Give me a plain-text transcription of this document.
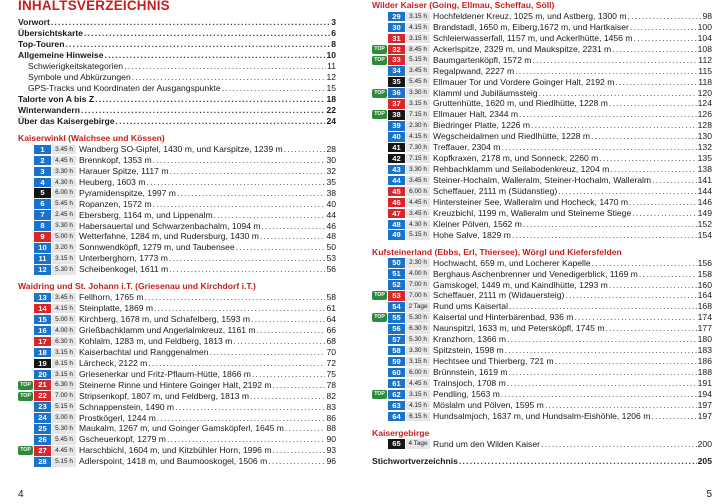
INHALTSVERZEICHNIS
Vorwort .....	3
Übersichtskarte .....	6
Top-Touren .....	8
Allgemeine Hinweise .....	10
Schwierigkeitskategorien .....	11
Symbole und Abkürzungen .....	12
GPS-Tracks und Koordinaten der Ausgangspunkte .....	15
Talorte von A bis Z .....	18
Winterwandern .....	22
Über das Kaisergebirge .....	24
Kaiserwinkl (Walchsee und Kössen)
1	3.45 h Wandberg SO-Gipfel, 1430 m, und Karspitze, 1239 m .....	28
2	4.45 h Brennkopf, 1353 m .....	30
3	3.30 h Harauer Spitze, 1117 m .....	32
4	4.30 h Heuberg, 1603 m .....	35
5	6.00 h Pyramidenspitze, 1997 m .....	38
6	5.45 h Ropanzen, 1572 m .....	40
7	2.45 h Ebersberg, 1164 m, und Lippenalm .....	44
8	3.30 h Habersauertal und Schwarzenbachalm, 1094 m .....	46
9	5.00 h Wetterfahne, 1284 m, und Rudersburg, 1430 m .....	48
10	3.20 h Sonnwendköpfl, 1279 m, und Taubensee .....	50
11	3.15 h Unterberghorn, 1773 m .....	53
12	5.30 h Scheibenkogel, 1611 m .....	56
Waidring und St. Johann i.T. (Griesenau und Kirchdorf i.T.)
13	3.45 h Fellhorn, 1765 m .....	58
14	4.15 h Steinplatte, 1869 m .....	61
15	5.00 h Kirchberg, 1678 m, und Schafelberg, 1593 m .....	64
16	4.00 h Grießbachklamm und Angerlalmkreuz, 1161 m .....	66
17	6.30 h Kohlalm, 1283 m, und Feldberg, 1813 m .....	68
18	3.15 h Kaiserbachtal und Ranggenalmen .....	70
19	8.15 h Lärcheck, 2122 m .....	72
20	3.15 h Griesenerkar und Fritz-Pflaum-Hütte, 1866 m .....	75
TOP 21	6.30 h Steinerne Rinne und Hintere Goinger Halt, 2192 m .....	78
TOP 22	7.00 h Stripsenkopf, 1807 m, und Feldberg, 1813 m .....	82
23	5.15 h Schnappenstein, 1490 m .....	83
24	3.00 h Prostkögerl, 1244 m .....	86
25	5.30 h Maukalm, 1267 m, und Goinger Gamsköpferl, 1645 m .....	88
26	5.45 h Gscheuerkopf, 1279 m .....	90
TOP 27	4.45 h Harschbichl, 1604 m, und Kitzbühler Horn, 1996 m .....	93
28	5.15 h Adlerspoint, 1418 m, und Baumooskogel, 1506 m .....	96
Wilder Kaiser (Going, Ellmau, Scheffau, Söll)
29	3.15 h Hochfeldener Kreuz, 1025 m, und Astberg, 1300 m .....	98
30	4.15 h Brandstadl, 1650 m, Eiberg,1672 m, und Hartkaiser .....	100
31	3.15 h Schleierwasserfall, 1157 m, und Ackerlhütte, 1456 m .....	104
TOP 32	8.45 h Ackerlspitze, 2329 m, und Maukspitze, 2231 m .....	108
TOP 33	5.15 h Baumgartenköpfl, 1572 m .....	112
34	3.45 h Regalpwand, 2227 m .....	115
35	5.45 h Ellmauer Tor und Vordere Goinger Halt, 2192 m .....	118
TOP 36	3.30 h Klamml und Jubiläumssteig .....	120
37	3.15 h Gruttenhütte, 1620 m, und Riedlhütte, 1228 m .....	124
TOP 38	7.15 h Ellmauer Halt, 2344 m .....	126
39	2.30 h Biedringer Platte, 1226 m .....	128
40	4.15 h Wegscheidalmen und Riedlhütte, 1228 m .....	130
41	7.30 h Treffauer, 2304 m .....	132
42	7.15 h Kopfkraxen, 2178 m, und Sonneck, 2260 m .....	135
43	3.30 h Rehbachklamm und Seilabodenkreuz, 1204 m .....	138
44	3.45 h Steiner-Hochalm, Walleralm, Steiner-Hochalm, Walleralm .....	141
45	6.00 h Scheffauer, 2111 m (Südanstieg) .....	144
46	4.45 h Hintersteiner See, Walleralm und Hocheck, 1470 m .....	146
47	3.45 h Kreuzbichl, 1199 m, Walleralm und Steinerne Stiege .....	149
48	4.30 h Kleiner Pölven, 1562 m .....	152
49	5.15 h Hohe Salve, 1829 m .....	154
Kufsteinerland (Ebbs, Erl, Thiersee), Wörgl und Kiefersfelden
50	2.30 h Hochwacht, 659 m, und Locherer Kapelle .....	156
51	4.00 h Berghaus Aschenbrenner und Venedigerblick, 1169 m .....	158
52	7.00 h Gamskogel, 1449 m, und Kaindlhütte, 1293 m .....	160
TOP 53	7.00 h Scheffauer, 2111 m (Widauersteig) .....	164
54	2 Tage Rund ums Kaisertal .....	168
TOP 55	5.30 h Kaisertal und Hinterbärenbad, 936 m .....	174
56	6.30 h Naunspitzl, 1633 m, und Petersköpfl, 1745 m .....	177
57	5.30 h Kranzhorn, 1366 m .....	180
58	3.30 h Spitzstein, 1598 m .....	183
59	3.15 h Hechtsee und Thierberg, 721 m .....	186
60	6.00 h Brünnstein, 1619 m .....	188
61	4.45 h Trainsjoch, 1708 m .....	191
TOP 62	3.15 h Pendling, 1563 m .....	194
63	4.15 h Möslalm und Pölven, 1595 m .....	197
64	6.15 h Hundsalmjoch, 1637 m, und Hundsalm-Eishöhle, 1206 m .....	197
Kaisergebirge
65	4 Tage Rund um den Wilden Kaiser .....	200
Stichwortverzeichnis .....	205
4	5
